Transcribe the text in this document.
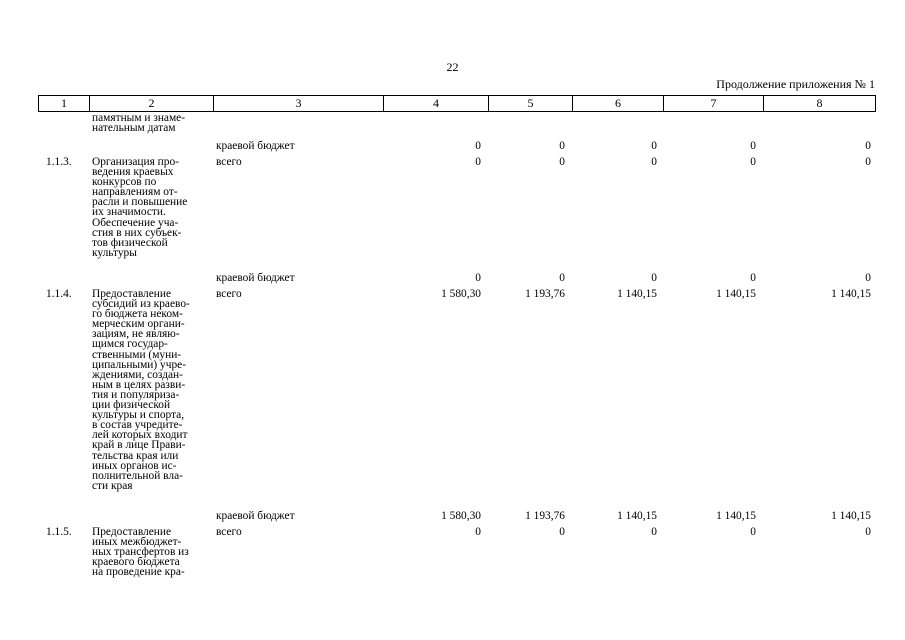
22
Продолжение приложения № 1
1	2	3	4	5	6	7	8
памятным и знаме-
нательным датам
краевой бюджет	0	0	0	0	0
1.1.3.	Организация про-
ведения краевых
конкурсов по
направлениям от-
расли и повышение
их значимости.
Обеспечение уча-
стия в них субъек-
тов физической
культуры
всего	0	0	0	0	0
краевой бюджет	0	0	0	0	0
1.1.4.	Предоставление
субсидий из краево-
го бюджета неком-
мерческим органи-
зациям, не являю-
щимся государ-
ственными (муни-
ципальными) учре-
ждениями, создан-
ным в целях разви-
тия и популяриза-
ции физической
культуры и спорта,
в состав учредите-
лей которых входит
край в лице Прави-
тельства края или
иных органов ис-
полнительной вла-
сти края
всего	1 580,30	1 193,76	1 140,15	1 140,15	1 140,15
краевой бюджет	1 580,30	1 193,76	1 140,15	1 140,15	1 140,15
1.1.5.	Предоставление
иных межбюджет-
ных трансфертов из
краевого бюджета
на проведение кра-
всего	0	0	0	0	0
